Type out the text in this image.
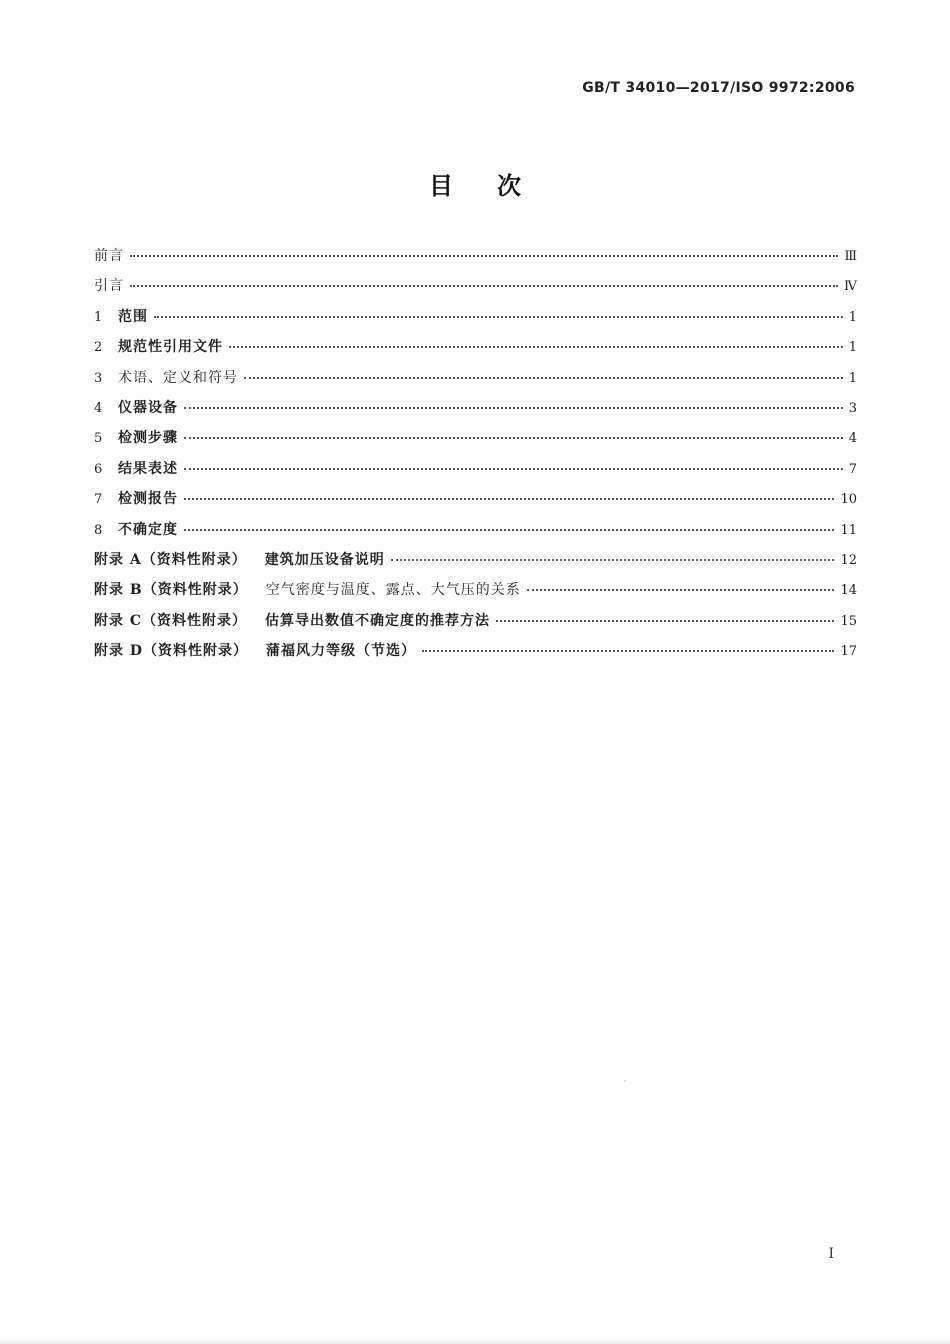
GB/T 34010—2017/ISO 9972:2006
目次
前言	Ⅲ
引言	Ⅳ
1	范围	1
2	规范性引用文件	1
3	术语、定义和符号	1
4	仪器设备	3
5	检测步骤	4
6	结果表述	7
7	检测报告	10
8	不确定度	11
附录 A（资料性附录） 建筑加压设备说明	12
附录 B（资料性附录） 空气密度与温度、露点、大气压的关系	14
附录 C（资料性附录） 估算导出数值不确定度的推荐方法	15
附录 D（资料性附录） 蒲福风力等级（节选）	17
I
